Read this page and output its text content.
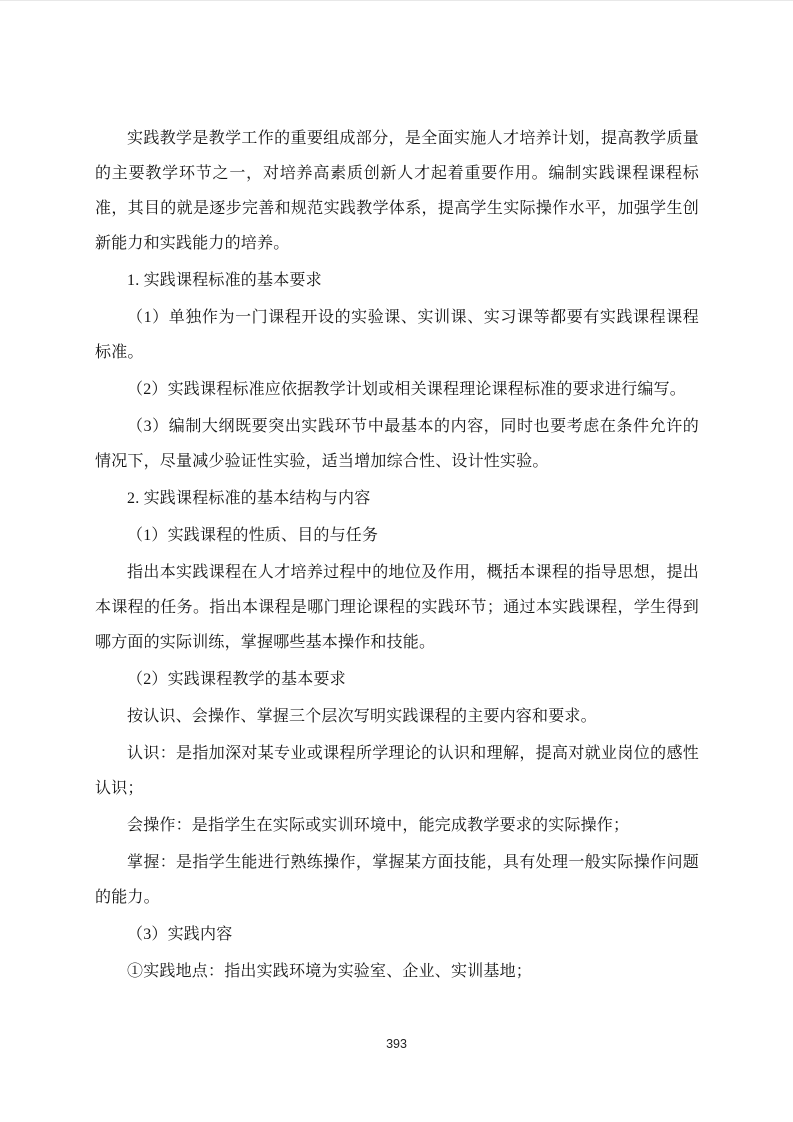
实践教学是教学工作的重要组成部分，是全面实施人才培养计划，提高教学质量的主要教学环节之一，对培养高素质创新人才起着重要作用。编制实践课程课程标准，其目的就是逐步完善和规范实践教学体系，提高学生实际操作水平，加强学生创新能力和实践能力的培养。

1. 实践课程标准的基本要求

（1）单独作为一门课程开设的实验课、实训课、实习课等都要有实践课程课程标准。

（2）实践课程标准应依据教学计划或相关课程理论课程标准的要求进行编写。

（3）编制大纲既要突出实践环节中最基本的内容，同时也要考虑在条件允许的情况下，尽量减少验证性实验，适当增加综合性、设计性实验。

2. 实践课程标准的基本结构与内容

（1）实践课程的性质、目的与任务

指出本实践课程在人才培养过程中的地位及作用，概括本课程的指导思想，提出本课程的任务。指出本课程是哪门理论课程的实践环节；通过本实践课程，学生得到哪方面的实际训练，掌握哪些基本操作和技能。

（2）实践课程教学的基本要求

按认识、会操作、掌握三个层次写明实践课程的主要内容和要求。

认识：是指加深对某专业或课程所学理论的认识和理解，提高对就业岗位的感性认识；

会操作：是指学生在实际或实训环境中，能完成教学要求的实际操作；

掌握：是指学生能进行熟练操作，掌握某方面技能，具有处理一般实际操作问题的能力。

（3）实践内容

①实践地点：指出实践环境为实验室、企业、实训基地；

393
